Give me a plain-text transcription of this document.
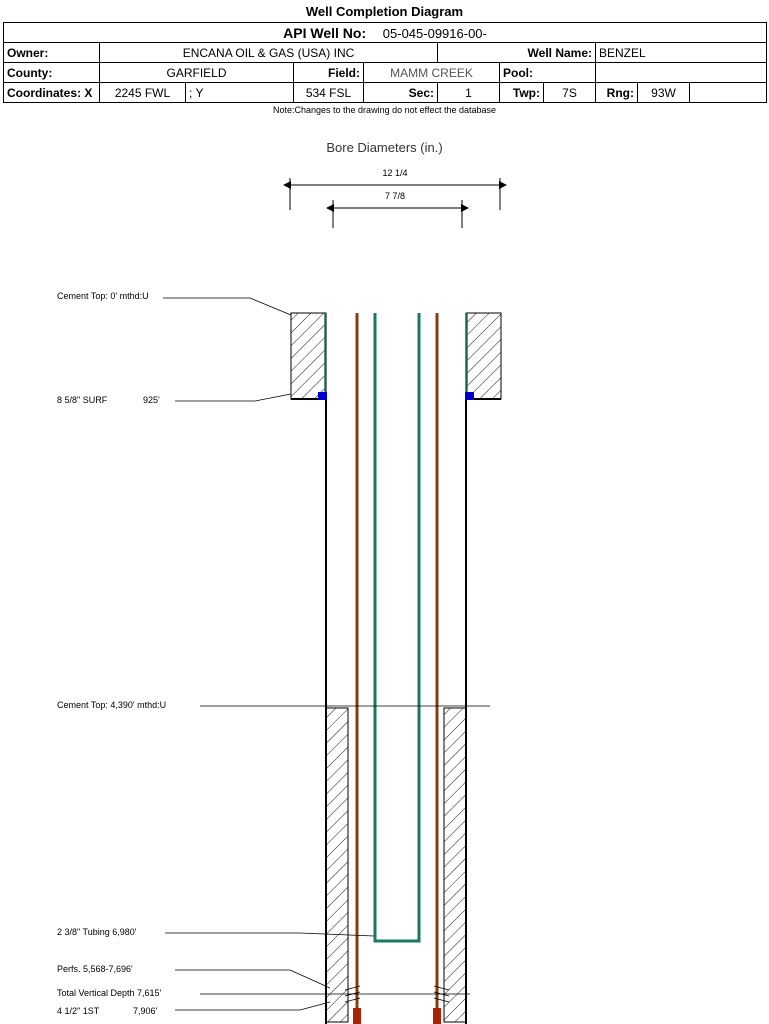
Well Completion Diagram
API Well No: 05-045-09916-00-										
Owner:	ENCANA OIL & GAS (USA) INC				Well Name:			BENZEL		
County:	GARFIELD		Field:	MAMM CREEK		Pool:				
Coordinates: X	2245 FWL	; Y	534 FSL	Sec:	1	Twp:	7S	Rng:	93W	
Note:Changes to the drawing do not effect the database
Bore Diameters (in.)
12 1/4
7 7/8
Cement Top: 0' mthd:U
8 5/8" SURF	925'
Cement Top: 4,390' mthd:U
2 3/8" Tubing 6,980'
Perfs. 5,568-7,696'
Total Vertical Depth 7,615'
4 1/2" 1ST	7,906'
